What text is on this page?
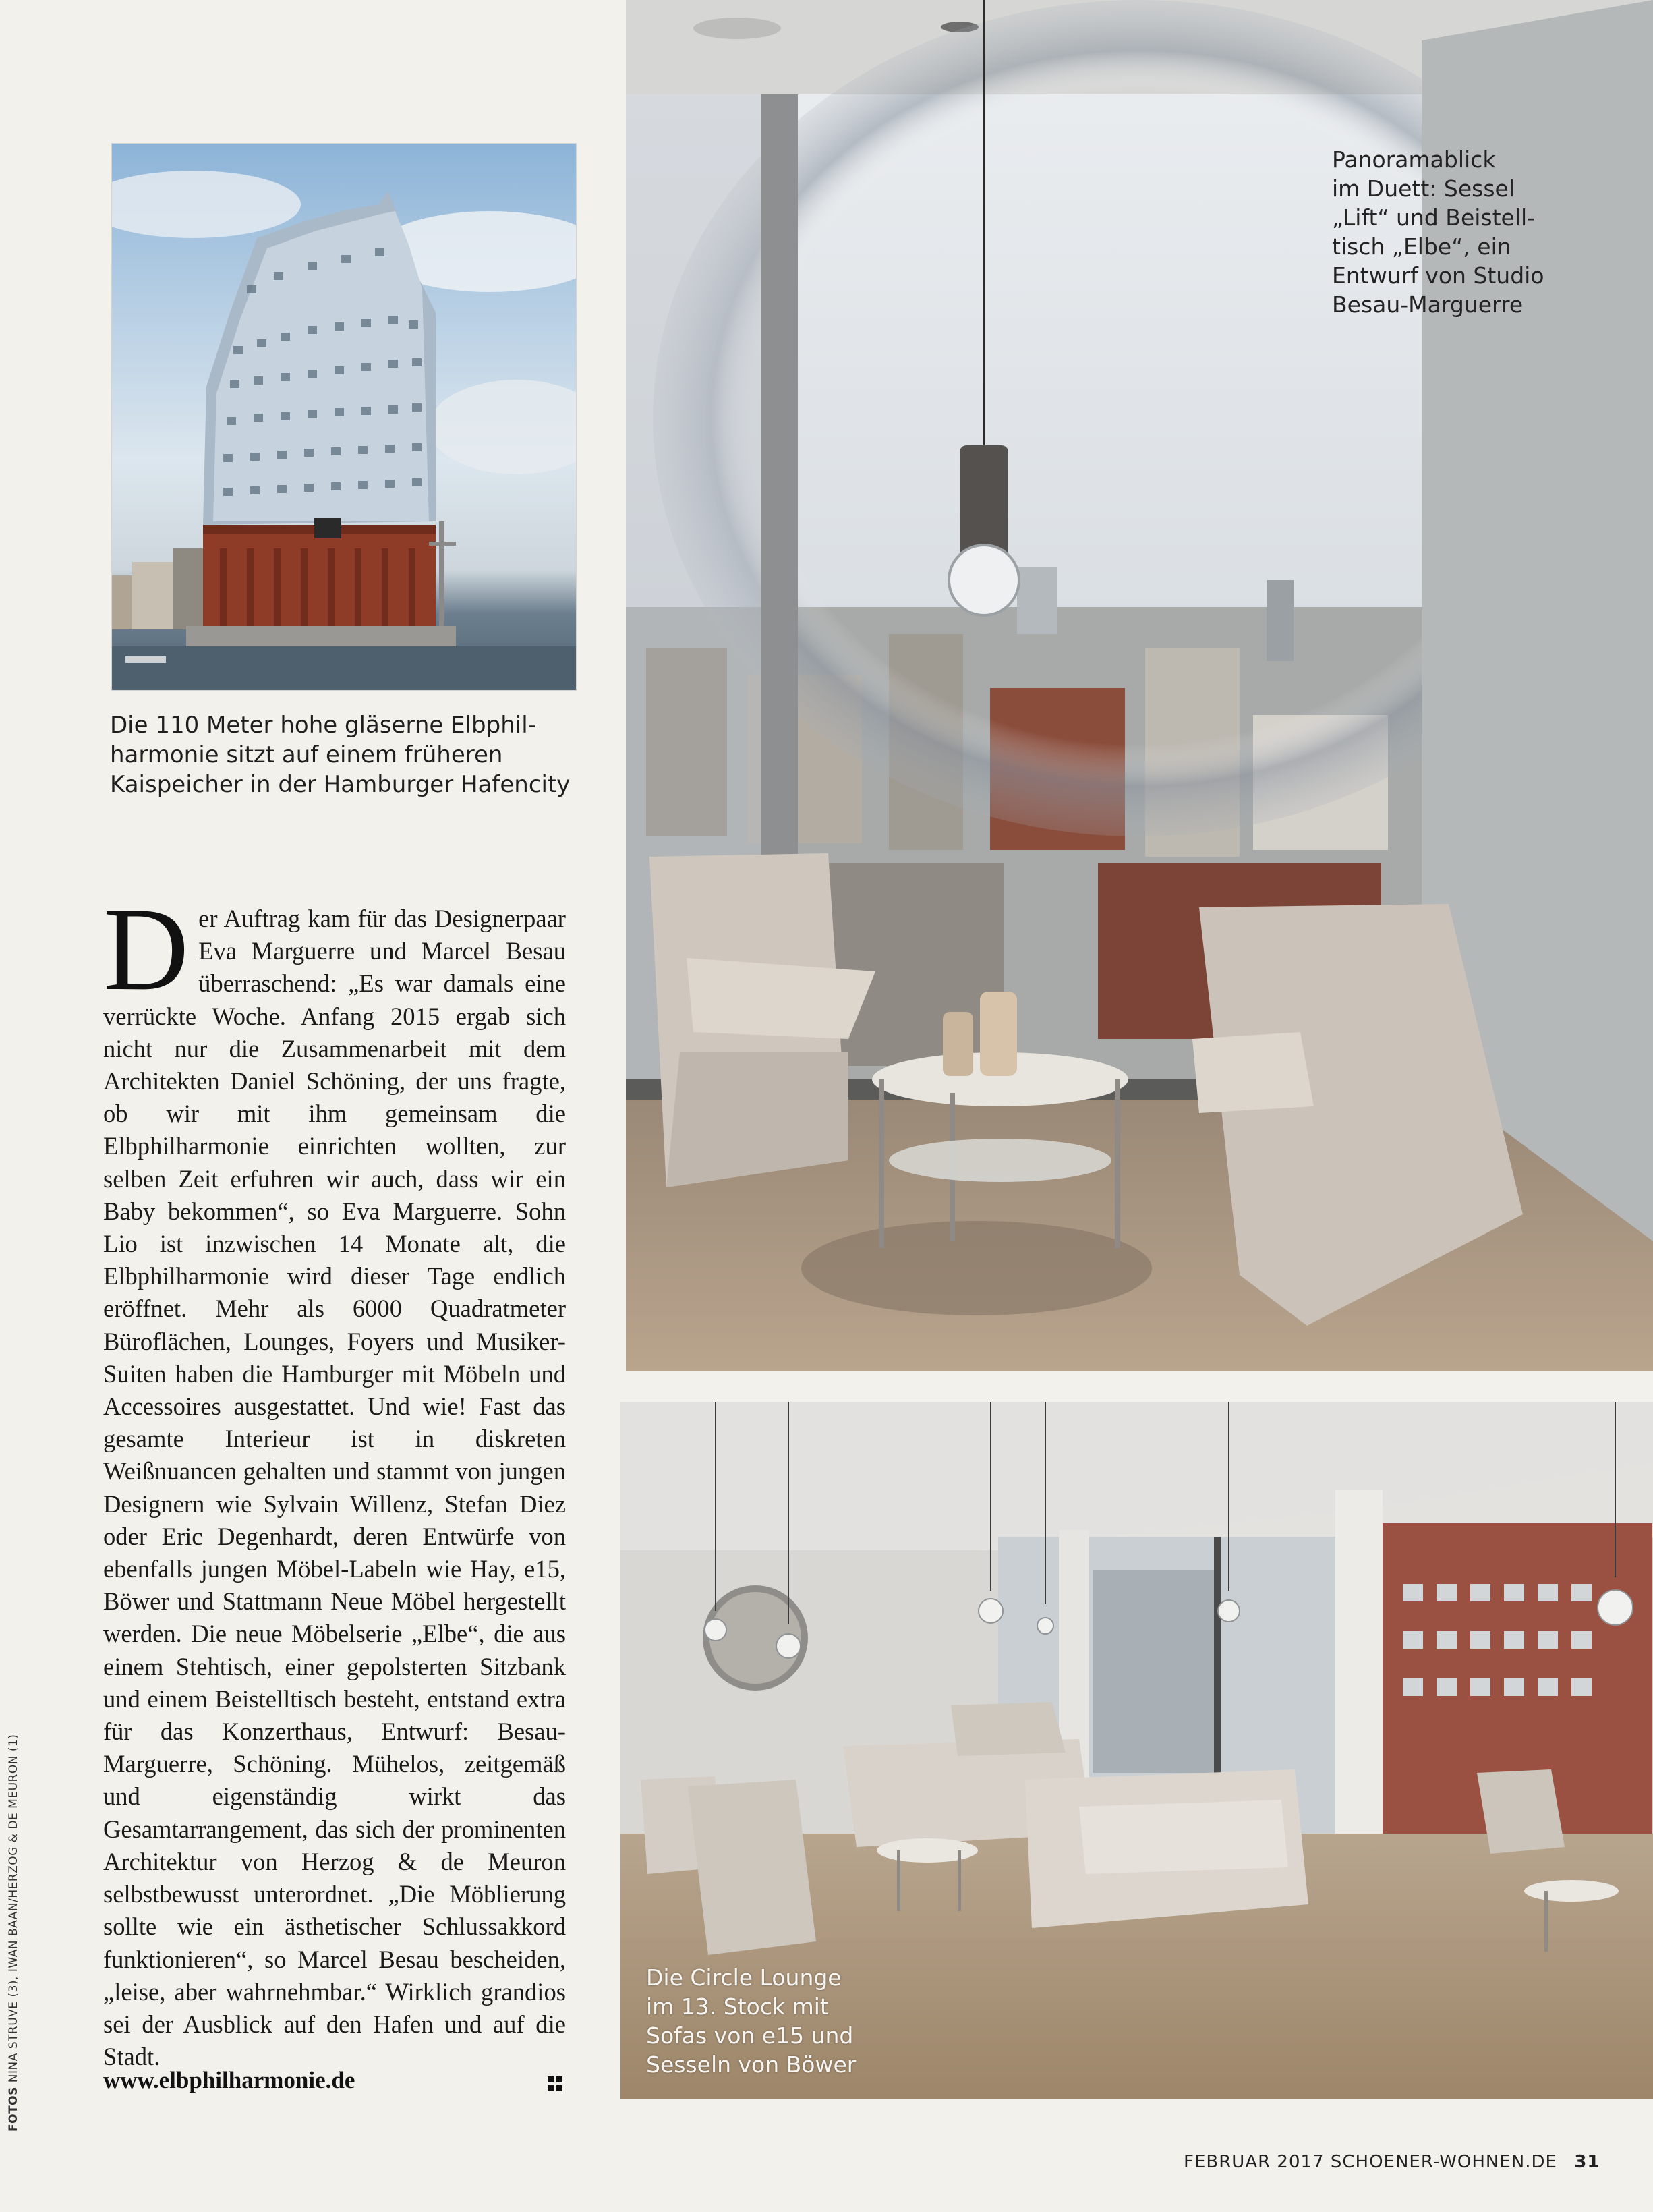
Die 110 Meter hohe gläserne Elbphil-
harmonie sitzt auf einem früheren
Kaispeicher in der Hamburger Hafencity
D er Auftrag kam für das Designerpaar Eva Marguerre und Marcel Besau überraschend: „Es war damals eine verrückte Woche. Anfang 2015 ergab sich nicht nur die Zusammenarbeit mit dem Architekten Daniel Schöning, der uns fragte, ob wir mit ihm gemeinsam die Elbphilharmonie einrichten wollten, zur selben Zeit erfuhren wir auch, dass wir ein Baby bekommen“, so Eva Marguerre. Sohn Lio ist inzwischen 14 Monate alt, die Elbphilharmonie wird dieser Tage endlich eröffnet. Mehr als 6000 Quadratmeter Büroflächen, Lounges, Foyers und Musiker-Suiten haben die Hamburger mit Möbeln und Accessoires ausgestattet. Und wie! Fast das gesamte Interieur ist in diskreten Weißnuancen gehalten und stammt von jungen Designern wie Sylvain Willenz, Stefan Diez oder Eric Degenhardt, deren Entwürfe von ebenfalls jungen Möbel-Labeln wie Hay, e15, Böwer und Stattmann Neue Möbel hergestellt werden. Die neue Möbelserie „Elbe“, die aus einem Stehtisch, einer gepolsterten Sitzbank und einem Beistelltisch besteht, entstand extra für das Konzerthaus, Entwurf: Besau-Marguerre, Schöning. Mühelos, zeitgemäß und eigenständig wirkt das Gesamtarrangement, das sich der prominenten Architektur von Herzog & de Meuron selbstbewusst unterordnet. „Die Möblierung sollte wie ein ästhetischer Schlussakkord funktionieren“, so Marcel Besau bescheiden, „leise, aber wahrnehmbar.“ Wirklich grandios sei der Ausblick auf den Hafen und auf die Stadt.

www.elbphilharmonie.de
FOTOS NINA STRUVE (3), IWAN BAAN/HERZOG & DE MEURON (1)
Panoramablick
im Duett: Sessel
„Lift“ und Beistell-
tisch „Elbe“, ein
Entwurf von Studio
Besau-Marguerre
Die Circle Lounge
im 13. Stock mit
Sofas von e15 und
Sesseln von Böwer
FEBRUAR 2017 SCHOENER-WOHNEN.DE 31
